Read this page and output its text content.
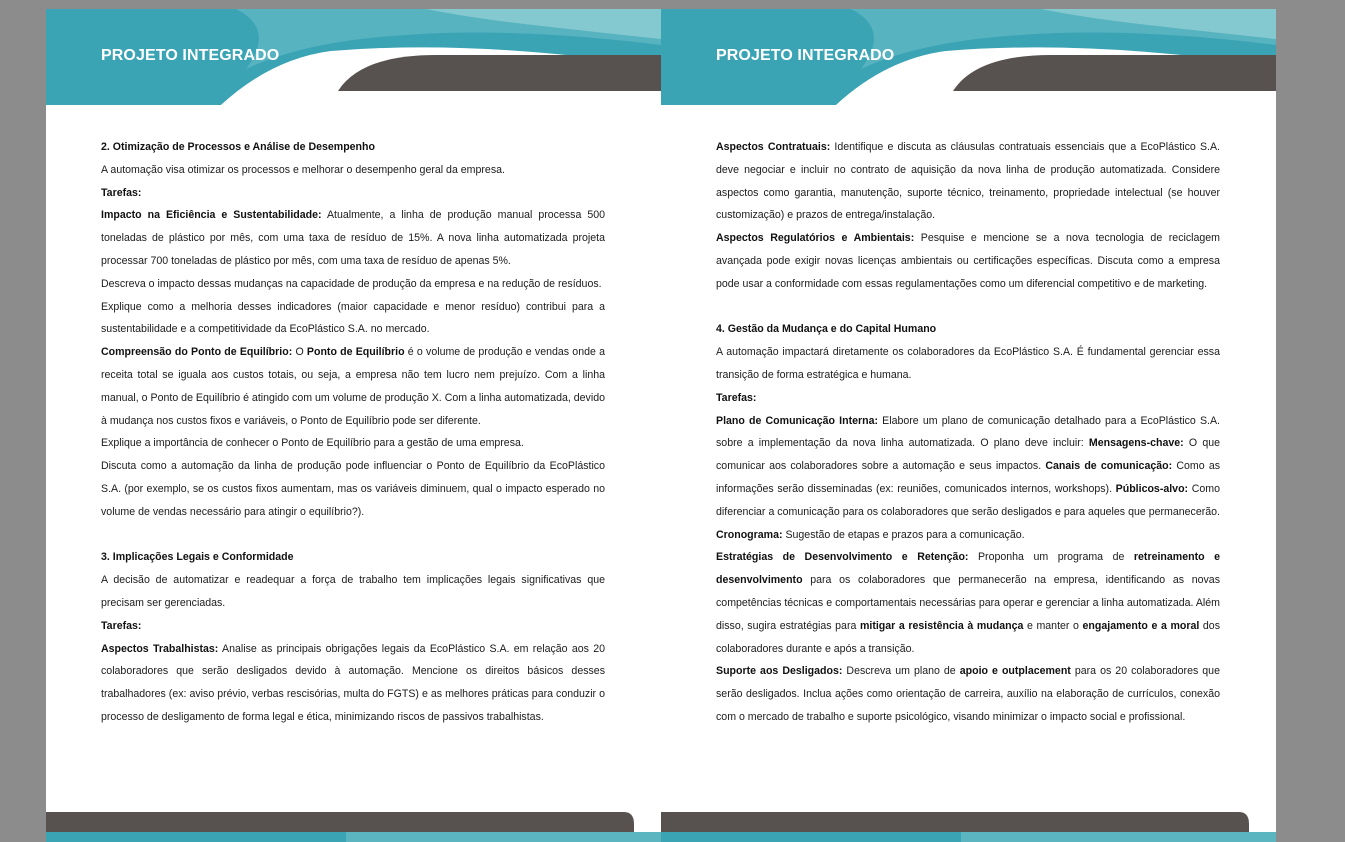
PROJETO INTEGRADO

2. Otimização de Processos e Análise de Desempenho

A automação visa otimizar os processos e melhorar o desempenho geral da empresa.

Tarefas:

Impacto na Eficiência e Sustentabilidade: Atualmente, a linha de produção manual processa 500 toneladas de plástico por mês, com uma taxa de resíduo de 15%. A nova linha automatizada projeta processar 700 toneladas de plástico por mês, com uma taxa de resíduo de apenas 5%.

Descreva o impacto dessas mudanças na capacidade de produção da empresa e na redução de resíduos.

Explique como a melhoria desses indicadores (maior capacidade e menor resíduo) contribui para a sustentabilidade e a competitividade da EcoPlástico S.A. no mercado.

Compreensão do Ponto de Equilíbrio: O Ponto de Equilíbrio é o volume de produção e vendas onde a receita total se iguala aos custos totais, ou seja, a empresa não tem lucro nem prejuízo. Com a linha manual, o Ponto de Equilíbrio é atingido com um volume de produção X. Com a linha automatizada, devido à mudança nos custos fixos e variáveis, o Ponto de Equilíbrio pode ser diferente.

Explique a importância de conhecer o Ponto de Equilíbrio para a gestão de uma empresa.

Discuta como a automação da linha de produção pode influenciar o Ponto de Equilíbrio da EcoPlástico S.A. (por exemplo, se os custos fixos aumentam, mas os variáveis diminuem, qual o impacto esperado no volume de vendas necessário para atingir o equilíbrio?).

3. Implicações Legais e Conformidade

A decisão de automatizar e readequar a força de trabalho tem implicações legais significativas que precisam ser gerenciadas.

Tarefas:

Aspectos Trabalhistas: Analise as principais obrigações legais da EcoPlástico S.A. em relação aos 20 colaboradores que serão desligados devido à automação. Mencione os direitos básicos desses trabalhadores (ex: aviso prévio, verbas rescisórias, multa do FGTS) e as melhores práticas para conduzir o processo de desligamento de forma legal e ética, minimizando riscos de passivos trabalhistas.

PROJETO INTEGRADO

Aspectos Contratuais: Identifique e discuta as cláusulas contratuais essenciais que a EcoPlástico S.A. deve negociar e incluir no contrato de aquisição da nova linha de produção automatizada. Considere aspectos como garantia, manutenção, suporte técnico, treinamento, propriedade intelectual (se houver customização) e prazos de entrega/instalação.

Aspectos Regulatórios e Ambientais: Pesquise e mencione se a nova tecnologia de reciclagem avançada pode exigir novas licenças ambientais ou certificações específicas. Discuta como a empresa pode usar a conformidade com essas regulamentações como um diferencial competitivo e de marketing.

4. Gestão da Mudança e do Capital Humano

A automação impactará diretamente os colaboradores da EcoPlástico S.A. É fundamental gerenciar essa transição de forma estratégica e humana.

Tarefas:

Plano de Comunicação Interna: Elabore um plano de comunicação detalhado para a EcoPlástico S.A. sobre a implementação da nova linha automatizada. O plano deve incluir: Mensagens-chave: O que comunicar aos colaboradores sobre a automação e seus impactos. Canais de comunicação: Como as informações serão disseminadas (ex: reuniões, comunicados internos, workshops). Públicos-alvo: Como diferenciar a comunicação para os colaboradores que serão desligados e para aqueles que permanecerão. Cronograma: Sugestão de etapas e prazos para a comunicação.

Estratégias de Desenvolvimento e Retenção: Proponha um programa de retreinamento e desenvolvimento para os colaboradores que permanecerão na empresa, identificando as novas competências técnicas e comportamentais necessárias para operar e gerenciar a linha automatizada. Além disso, sugira estratégias para mitigar a resistência à mudança e manter o engajamento e a moral dos colaboradores durante e após a transição.

Suporte aos Desligados: Descreva um plano de apoio e outplacement para os 20 colaboradores que serão desligados. Inclua ações como orientação de carreira, auxílio na elaboração de currículos, conexão com o mercado de trabalho e suporte psicológico, visando minimizar o impacto social e profissional.
